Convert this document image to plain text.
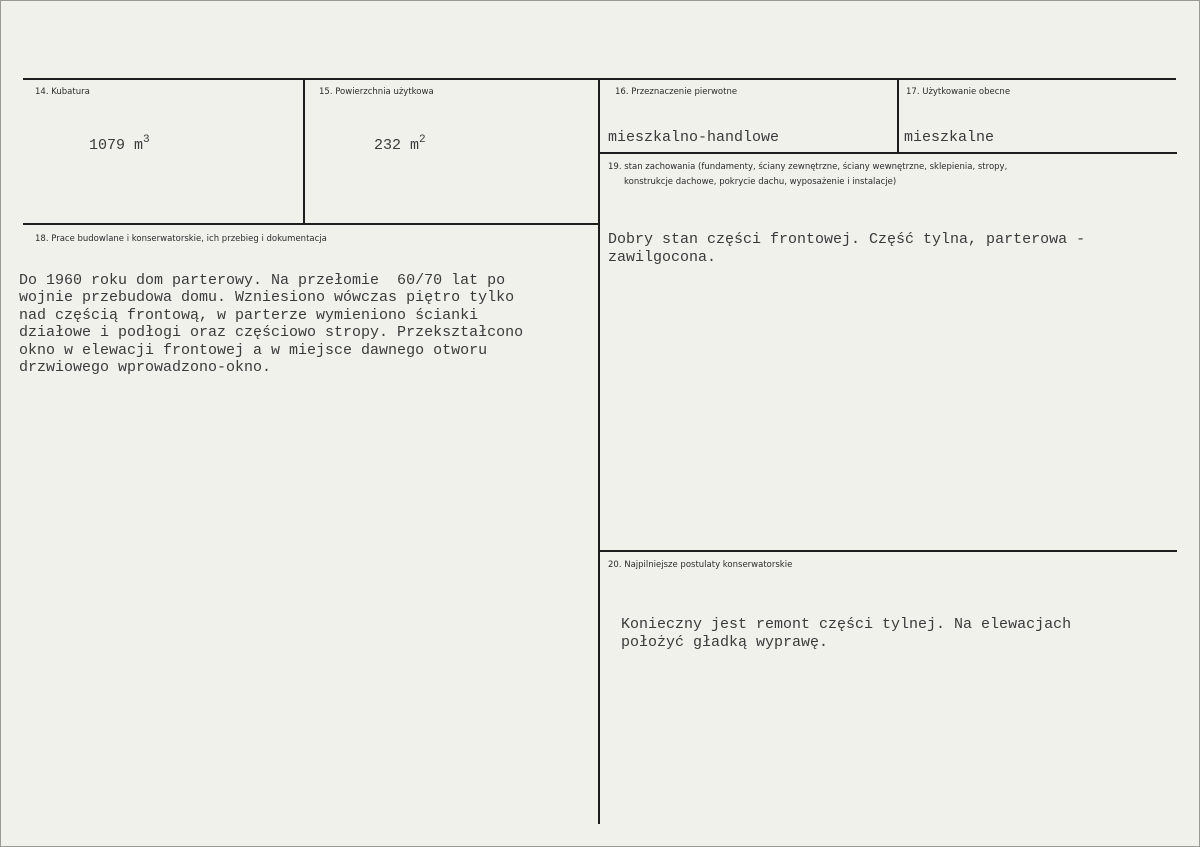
14. Kubatura
1079 $m^3$
15. Powierzchnia użytkowa
232 $m^2$
16. Przeznaczenie pierwotne
mieszkalno-handlowe
17. Użytkowanie obecne
mieszkalne
18. Prace budowlane i konserwatorskie, ich przebieg i dokumentacja

Do 1960 roku dom parterowy. Na przełomie  60/70 lat po
wojnie przebudowa domu. Wzniesiono wówczas piętro tylko
nad częścią frontową, w parterze wymieniono ścianki
działowe i podłogi oraz częściowo stropy. Przekształcono
okno w elewacji frontowej a w miejsce dawnego otworu
drzwiowego wprowadzono-okno.

19. stan zachowania (fundamenty, ściany zewnętrzne, ściany wewnętrzne, sklepienia, stropy,
konstrukcje dachowe, pokrycie dachu, wyposażenie i instalacje)

Dobry stan części frontowej. Część tylna, parterowa -
zawilgocona.

20. Najpilniejsze postulaty konserwatorskie

Konieczny jest remont części tylnej. Na elewacjach
położyć gładką wyprawę.
